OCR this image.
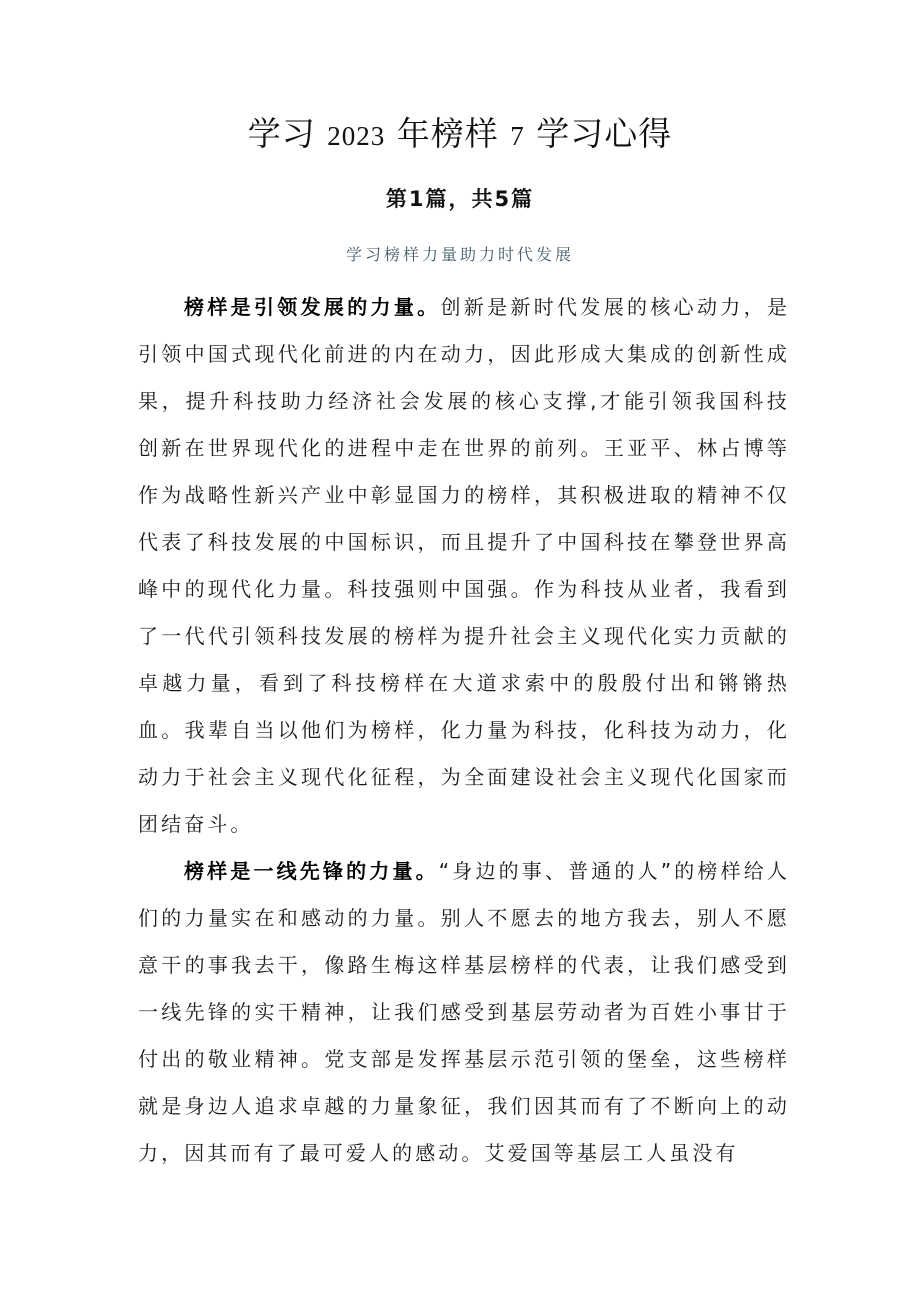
学习 2023 年榜样 7 学习心得
第1篇，共5篇
学习榜样力量助力时代发展

榜样是引领发展的力量。创新是新时代发展的核心动力，是引领中国式现代化前进的内在动力，因此形成大集成的创新性成果，提升科技助力经济社会发展的核心支撑,才能引领我国科技创新在世界现代化的进程中走在世界的前列。王亚平、林占博等作为战略性新兴产业中彰显国力的榜样，其积极进取的精神不仅代表了科技发展的中国标识，而且提升了中国科技在攀登世界高峰中的现代化力量。科技强则中国强。作为科技从业者，我看到了一代代引领科技发展的榜样为提升社会主义现代化实力贡献的卓越力量，看到了科技榜样在大道求索中的殷殷付出和锵锵热血。我辈自当以他们为榜样，化力量为科技，化科技为动力，化动力于社会主义现代化征程，为全面建设社会主义现代化国家而团结奋斗。

榜样是一线先锋的力量。“身边的事、普通的人”的榜样给人们的力量实在和感动的力量。别人不愿去的地方我去，别人不愿意干的事我去干，像路生梅这样基层榜样的代表，让我们感受到一线先锋的实干精神，让我们感受到基层劳动者为百姓小事甘于付出的敬业精神。党支部是发挥基层示范引领的堡垒，这些榜样就是身边人追求卓越的力量象征，我们因其而有了不断向上的动力，因其而有了最可爱人的感动。艾爱国等基层工人虽没有
